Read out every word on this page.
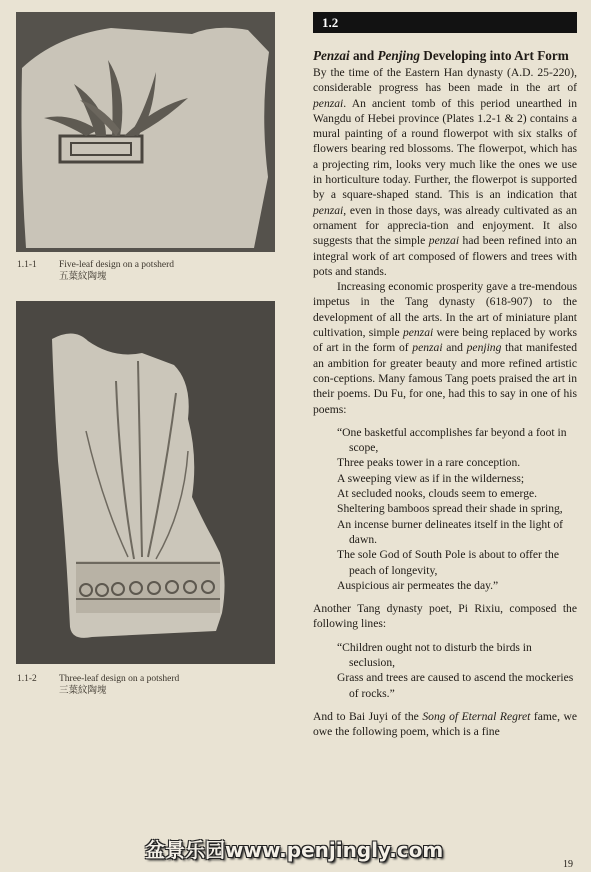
1.1-1 Five-leaf design on a potsherd
五葉紋陶塊
1.1-2 Three-leaf design on a potsherd
三葉紋陶塊
1.2
Penzai and Penjing Developing into Art Form

By the time of the Eastern Han dynasty (A.D. 25-220), considerable progress has been made in the art of penzai. An ancient tomb of this period unearthed in Wangdu of Hebei province (Plates 1.2-1 & 2) contains a mural painting of a round flowerpot with six stalks of flowers bearing red blossoms. The flowerpot, which has a projecting rim, looks very much like the ones we use in horticulture today. Further, the flowerpot is supported by a square-shaped stand. This is an indication that penzai, even in those days, was already cultivated as an ornament for apprecia-tion and enjoyment. It also suggests that the simple penzai had been refined into an integral work of art composed of flowers and trees with pots and stands.

Increasing economic prosperity gave a tre-mendous impetus in the Tang dynasty (618-907) to the development of all the arts. In the art of miniature plant cultivation, simple penzai were being replaced by works of art in the form of penzai and penjing that manifested an ambition for greater beauty and more refined artistic con-ceptions. Many famous Tang poets praised the art in their poems. Du Fu, for one, had this to say in one of his poems:

“One basketful accomplishes far beyond a foot in scope,
Three peaks tower in a rare conception.
A sweeping view as if in the wilderness;
At secluded nooks, clouds seem to emerge.
Sheltering bamboos spread their shade in spring,
An incense burner delineates itself in the light of dawn.
The sole God of South Pole is about to offer the peach of longevity,
Auspicious air permeates the day.”

Another Tang dynasty poet, Pi Rixiu, composed the following lines:

“Children ought not to disturb the birds in seclusion,
Grass and trees are caused to ascend the mockeries of rocks.”

And to Bai Juyi of the Song of Eternal Regret fame, we owe the following poem, which is a fine

盆景乐园www.penjingly.com
19
